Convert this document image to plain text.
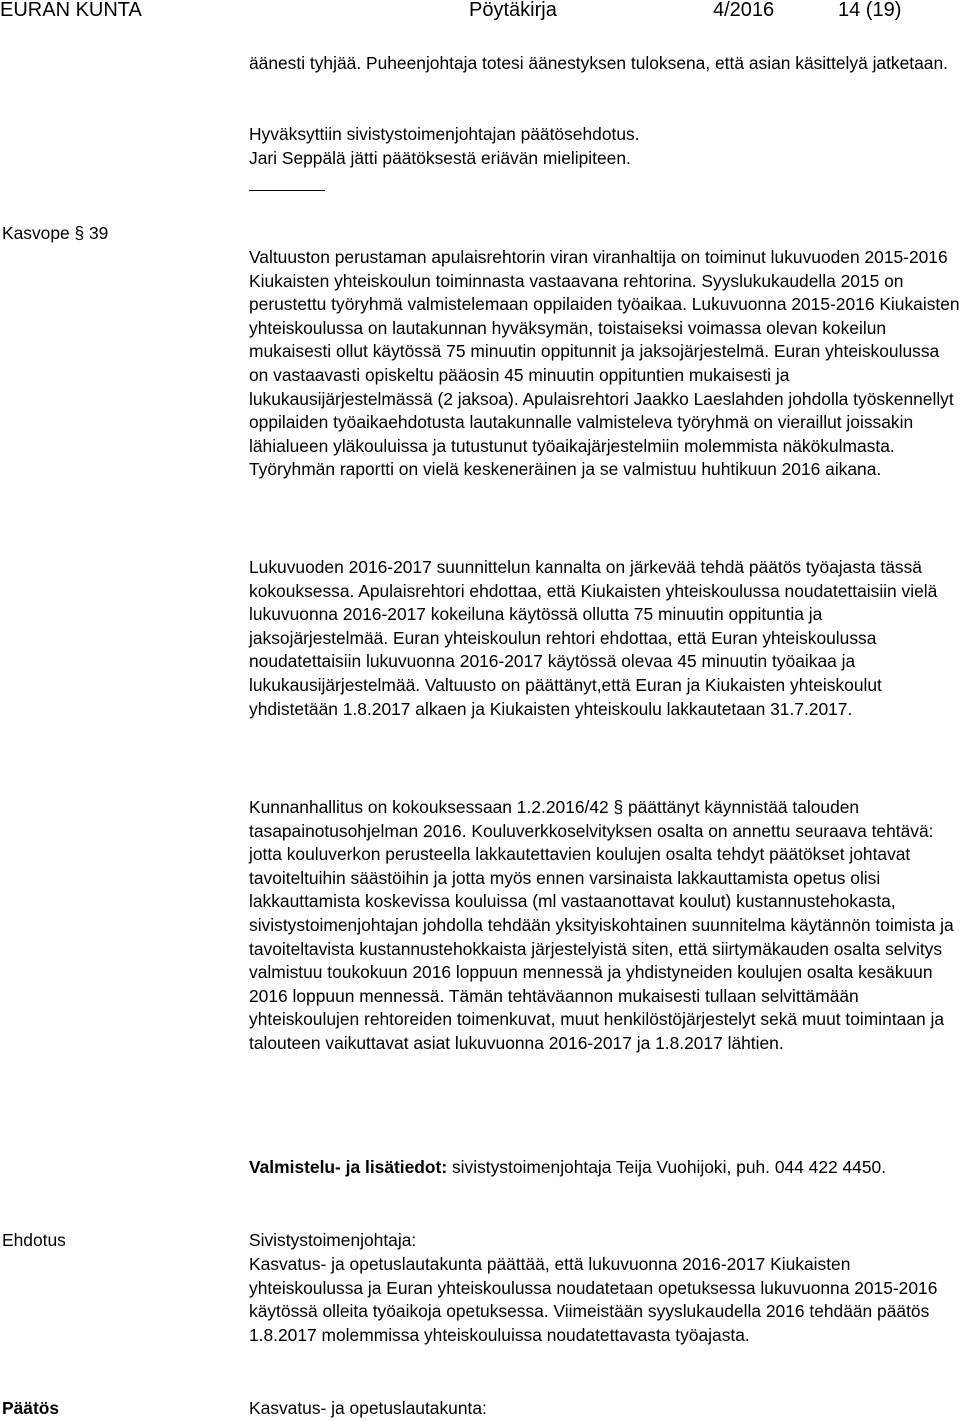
EURAN KUNTA	Pöytäkirja	4/2016	14 (19)

äänesti tyhjää. Puheenjohtaja totesi äänestyksen tuloksena, että asian käsittelyä jatketaan.

Hyväksyttiin sivistystoimenjohtajan päätösehdotus.

Jari Seppälä jätti päätöksestä eriävän mielipiteen.

Kasvope § 39

Valtuuston perustaman apulaisrehtorin viran viranhaltija on toiminut lukuvuoden 2015-2016 Kiukaisten yhteiskoulun toiminnasta vastaavana rehtorina. Syyslukukaudella 2015 on perustettu työryhmä valmistelemaan oppilaiden työaikaa. Lukuvuonna 2015-2016 Kiukaisten yhteiskoulussa on lautakunnan hyväksymän, toistaiseksi voimassa olevan kokeilun mukaisesti ollut käytössä 75 minuutin oppitunnit ja jaksojärjestelmä. Euran yhteiskoulussa on vastaavasti opiskeltu pääosin 45 minuutin oppituntien mukaisesti ja lukukausijärjestelmässä (2 jaksoa). Apulaisrehtori Jaakko Laeslahden johdolla työskennellyt oppilaiden työaikaehdotusta lautakunnalle valmisteleva työryhmä on vieraillut joissakin lähialueen yläkouluissa ja tutustunut työaikajärjestelmiin molemmista näkökulmasta. Työryhmän raportti on vielä keskeneräinen ja se valmistuu huhtikuun 2016 aikana.

Lukuvuoden 2016-2017 suunnittelun kannalta on järkevää tehdä päätös työajasta tässä kokouksessa. Apulaisrehtori ehdottaa, että Kiukaisten yhteiskoulussa noudatettaisiin vielä lukuvuonna 2016-2017 kokeiluna käytössä ollutta 75 minuutin oppituntia ja jaksojärjestelmää. Euran yhteiskoulun rehtori ehdottaa, että Euran yhteiskoulussa noudatettaisiin lukuvuonna 2016-2017 käytössä olevaa 45 minuutin työaikaa ja lukukausijärjestelmää. Valtuusto on päättänyt,että Euran ja Kiukaisten yhteiskoulut yhdistetään 1.8.2017 alkaen ja Kiukaisten yhteiskoulu lakkautetaan 31.7.2017.

Kunnanhallitus on kokouksessaan 1.2.2016/42 § päättänyt käynnistää talouden tasapainotusohjelman 2016. Kouluverkkoselvityksen osalta on annettu seuraava tehtävä: jotta kouluverkon perusteella lakkautettavien koulujen osalta tehdyt päätökset johtavat tavoiteltuihin säästöihin ja jotta myös ennen varsinaista lakkauttamista opetus olisi lakkauttamista koskevissa kouluissa (ml vastaanottavat koulut) kustannustehokasta, sivistystoimenjohtajan johdolla tehdään yksityiskohtainen suunnitelma käytännön toimista ja tavoiteltavista kustannustehokkaista järjestelyistä siten, että siirtymäkauden osalta selvitys valmistuu toukokuun 2016 loppuun mennessä ja yhdistyneiden koulujen osalta kesäkuun 2016 loppuun mennessä. Tämän tehtäväannon mukaisesti tullaan selvittämään yhteiskoulujen rehtoreiden toimenkuvat, muut henkilöstöjärjestelyt sekä muut toimintaan ja talouteen vaikuttavat asiat lukuvuonna 2016-2017 ja 1.8.2017 lähtien.

Valmistelu- ja lisätiedot: sivistystoimenjohtaja Teija Vuohijoki, puh. 044 422 4450.

Ehdotus	Sivistystoimenjohtaja:

Kasvatus- ja opetuslautakunta päättää, että lukuvuonna 2016-2017 Kiukaisten yhteiskoulussa ja Euran yhteiskoulussa noudatetaan opetuksessa lukuvuonna 2015-2016 käytössä olleita työaikoja opetuksessa. Viimeistään syyslukaudella 2016 tehdään päätös 1.8.2017 molemmissa yhteiskouluissa noudatettavasta työajasta.

Päätös	Kasvatus- ja opetuslautakunta:
